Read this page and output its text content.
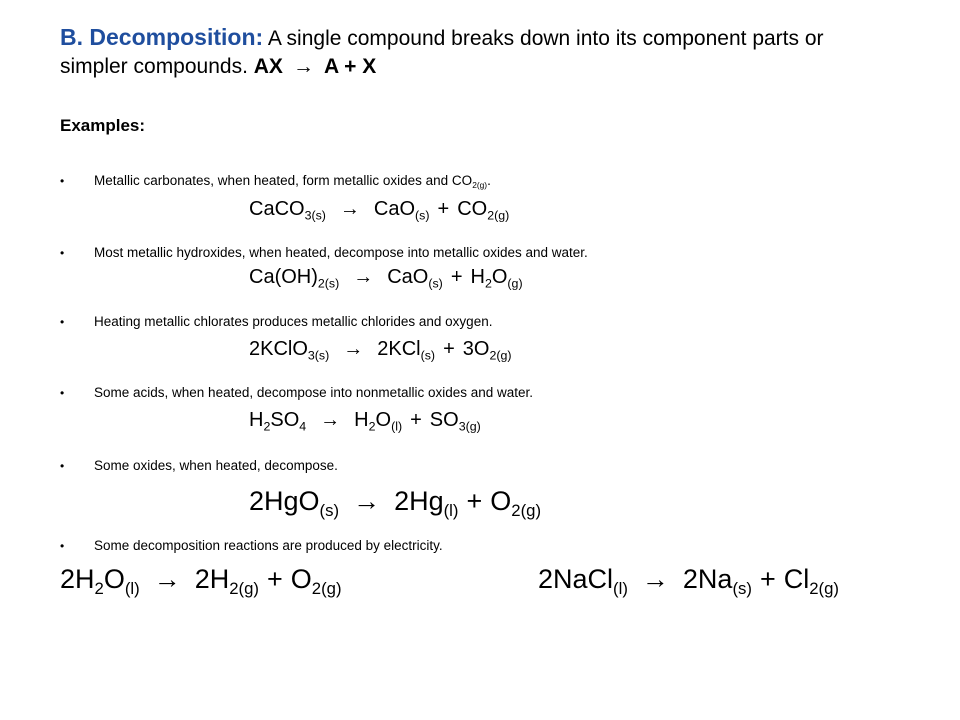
B. Decomposition: A single compound breaks down into its component parts or
simpler compounds. AX → A + X
Examples:
• Metallic carbonates, when heated, form metallic oxides and $CO_{2(g)}$.
CaCO$_{3(s)}$ → $CaO_{(s)} + CO_{2(g)}$
• Most metallic hydroxides, when heated, decompose into metallic oxides and water.
$Ca(OH)_{2(s)} \to CaO_{(s)} + H_2O_{(g)}$
• Heating metallic chlorates produces metallic chlorides and oxygen.
2KClO$_{3(s)}$ → $2KCl_{(s)} + 3O_{2(g)}$
• Some acids, when heated, decompose into nonmetallic oxides and water.
$H_2SO_4 \to H_2O_{(l)} + SO_{3(g)}$
• Some oxides, when heated, decompose.
$2HgO_{(s)} \to 2Hg_{(l)} + O_{2(g)}$
• Some decomposition reactions are produced by electricity.
$2H_2O_{(l)} \to 2H_{2(g)} + O_{2(g)}$	2NaCl$_{(l)}$ → $2Na_{(s)} + Cl_{2(g)}$
